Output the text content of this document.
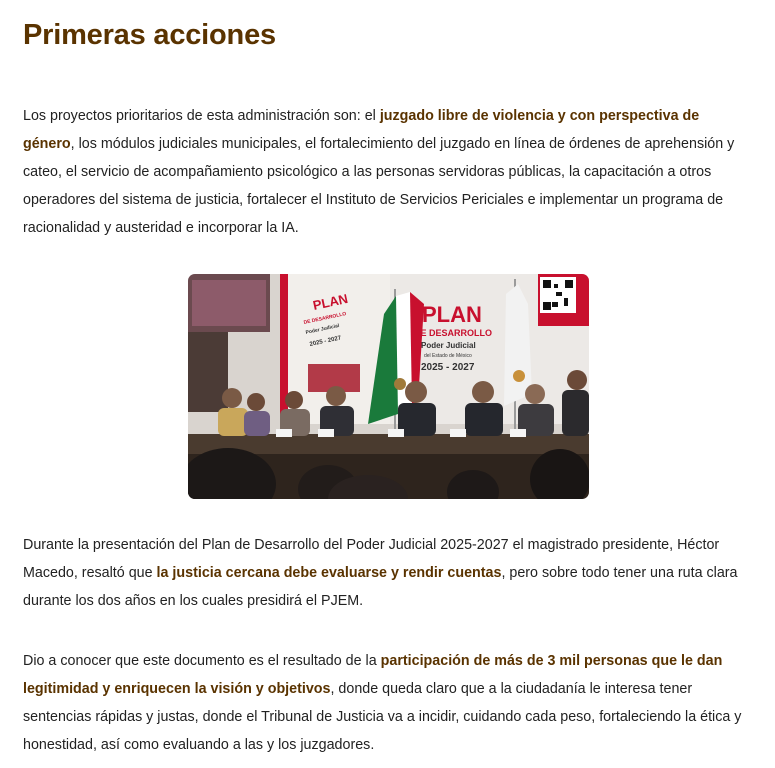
Primeras acciones

Los proyectos prioritarios de esta administración son: el juzgado libre de violencia y con perspectiva de género, los módulos judiciales municipales, el fortalecimiento del juzgado en línea de órdenes de aprehensión y cateo, el servicio de acompañamiento psicológico a las personas servidoras públicas, la capacitación a otros operadores del sistema de justicia, fortalecer el Instituto de Servicios Periciales e implementar un programa de racionalidad y austeridad e incorporar la IA.

PLAN
DE DESARROLLO
Poder Judicial
2025 - 2027
PLAN
DE DESARROLLO
Poder Judicial
del Estado de México
2025 - 2027

Durante la presentación del Plan de Desarrollo del Poder Judicial 2025-2027 el magistrado presidente, Héctor Macedo, resaltó que la justicia cercana debe evaluarse y rendir cuentas, pero sobre todo tener una ruta clara durante los dos años en los cuales presidirá el PJEM.

Dio a conocer que este documento es el resultado de la participación de más de 3 mil personas que le dan legitimidad y enriquecen la visión y objetivos, donde queda claro que a la ciudadanía le interesa tener sentencias rápidas y justas, donde el Tribunal de Justicia va a incidir, cuidando cada peso, fortaleciendo la ética y honestidad, así como evaluando a las y los juzgadores.
